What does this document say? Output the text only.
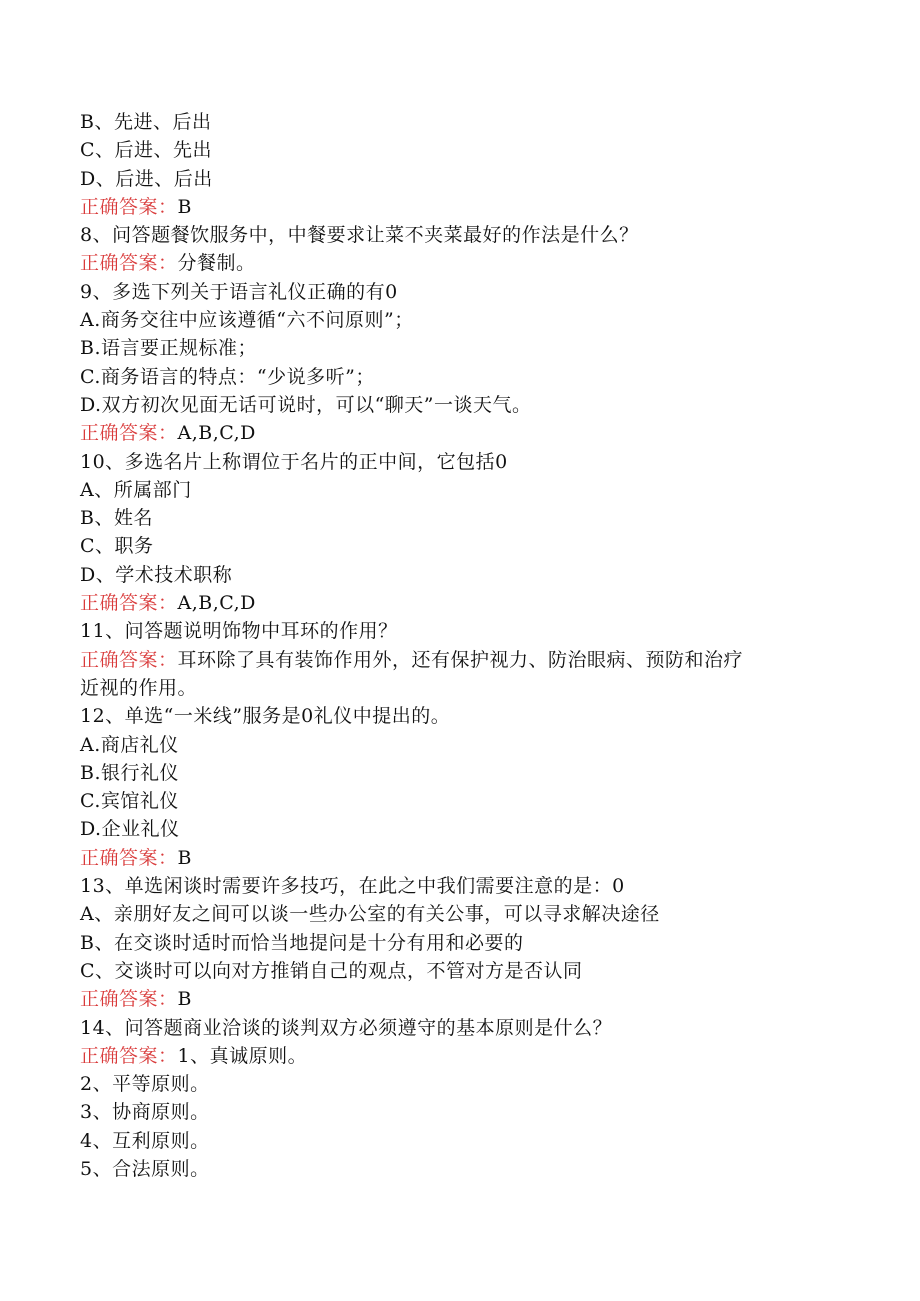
B、先进、后出
C、后进、先出
D、后进、后出
正确答案：B
8、问答题餐饮服务中，中餐要求让菜不夹菜最好的作法是什么？
正确答案：分餐制。
9、多选下列关于语言礼仪正确的有0
A.商务交往中应该遵循“六不问原则”；
B.语言要正规标准；
C.商务语言的特点：“少说多听”；
D.双方初次见面无话可说时，可以“聊天”一谈天气。
正确答案：A,B,C,D
10、多选名片上称谓位于名片的正中间，它包括0
A、所属部门
B、姓名
C、职务
D、学术技术职称
正确答案：A,B,C,D
11、问答题说明饰物中耳环的作用？
正确答案：耳环除了具有装饰作用外，还有保护视力、防治眼病、预防和治疗
近视的作用。
12、单选“一米线”服务是0礼仪中提出的。
A.商店礼仪
B.银行礼仪
C.宾馆礼仪
D.企业礼仪
正确答案：B
13、单选闲谈时需要许多技巧，在此之中我们需要注意的是：0
A、亲朋好友之间可以谈一些办公室的有关公事，可以寻求解决途径
B、在交谈时适时而恰当地提问是十分有用和必要的
C、交谈时可以向对方推销自己的观点，不管对方是否认同
正确答案：B
14、问答题商业洽谈的谈判双方必须遵守的基本原则是什么？
正确答案：1、真诚原则。
2、平等原则。
3、协商原则。
4、互利原则。
5、合法原则。
